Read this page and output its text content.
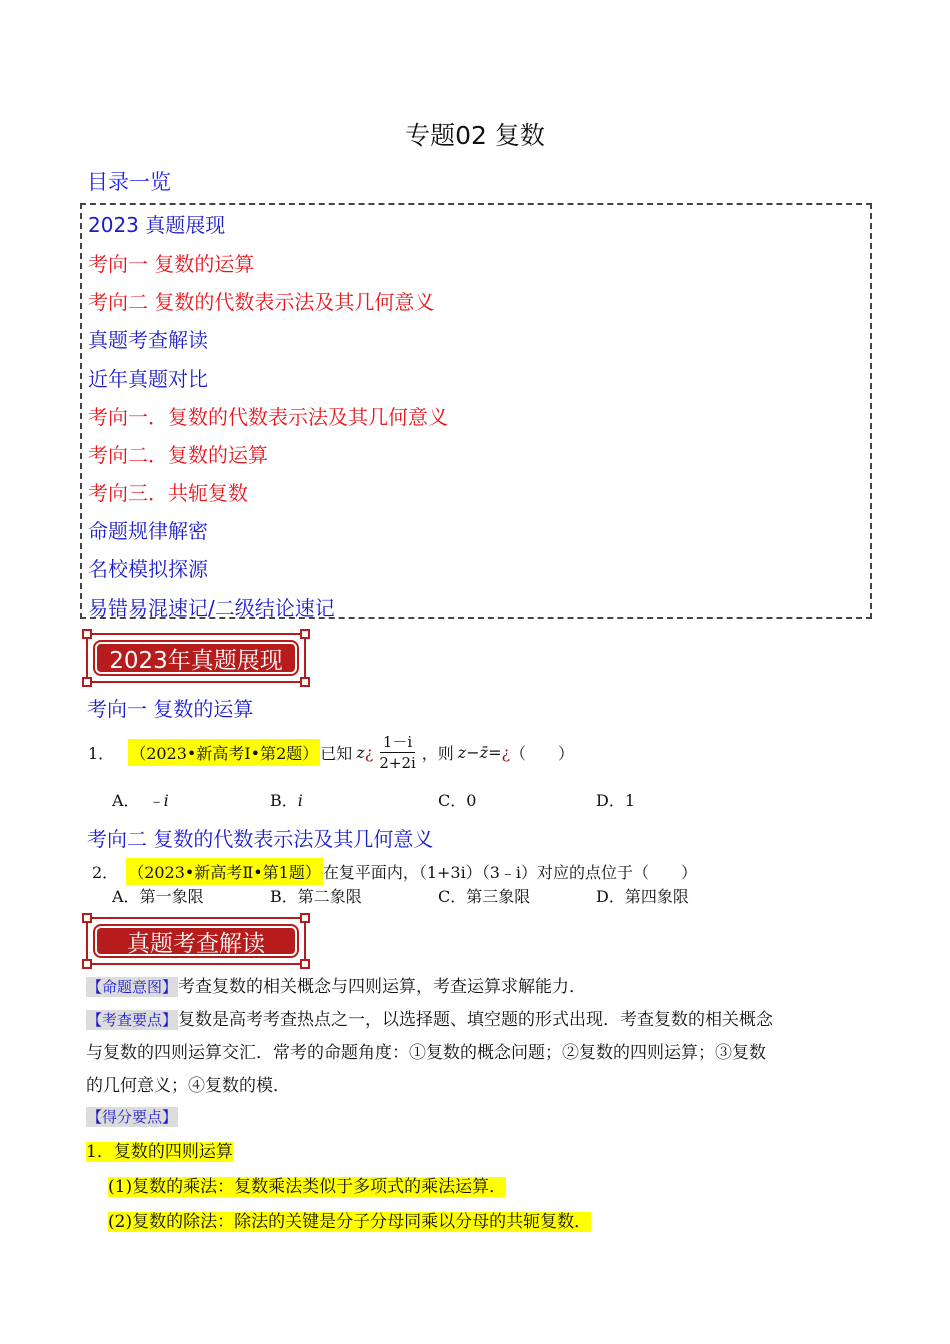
专题02 复数
目录一览
2023 真题展现
考向一 复数的运算
考向二 复数的代数表示法及其几何意义
真题考查解读
近年真题对比
考向一．复数的代数表示法及其几何意义
考向二．复数的运算
考向三．共轭复数
命题规律解密
名校模拟探源
易错易混速记/二级结论速记
2023年真题展现
考向一 复数的运算
1． （2023•新高考Ⅰ•第2题） 已知 z ¿ $\frac{1-i}{2+2i}$ ，则 z−z̄= ¿ （　　）
A． ﹣i	B．i	C．0	D．1
考向二 复数的代数表示法及其几何意义
2． （2023•新高考Ⅱ•第1题） 在复平面内，（1+3i）（3﹣i）对应的点位于（　　）
A．第一象限	B．第二象限	C．第三象限	D．第四象限
真题考查解读
【命题意图】考查复数的相关概念与四则运算，考查运算求解能力．
【考查要点】复数是高考考查热点之一，以选择题、填空题的形式出现．考查复数的相关概念
与复数的四则运算交汇．常考的命题角度：①复数的概念问题；②复数的四则运算；③复数
的几何意义；④复数的模．
【得分要点】
1．复数的四则运算
(1)复数的乘法：复数乘法类似于多项式的乘法运算．
(2)复数的除法：除法的关键是分子分母同乘以分母的共轭复数．
